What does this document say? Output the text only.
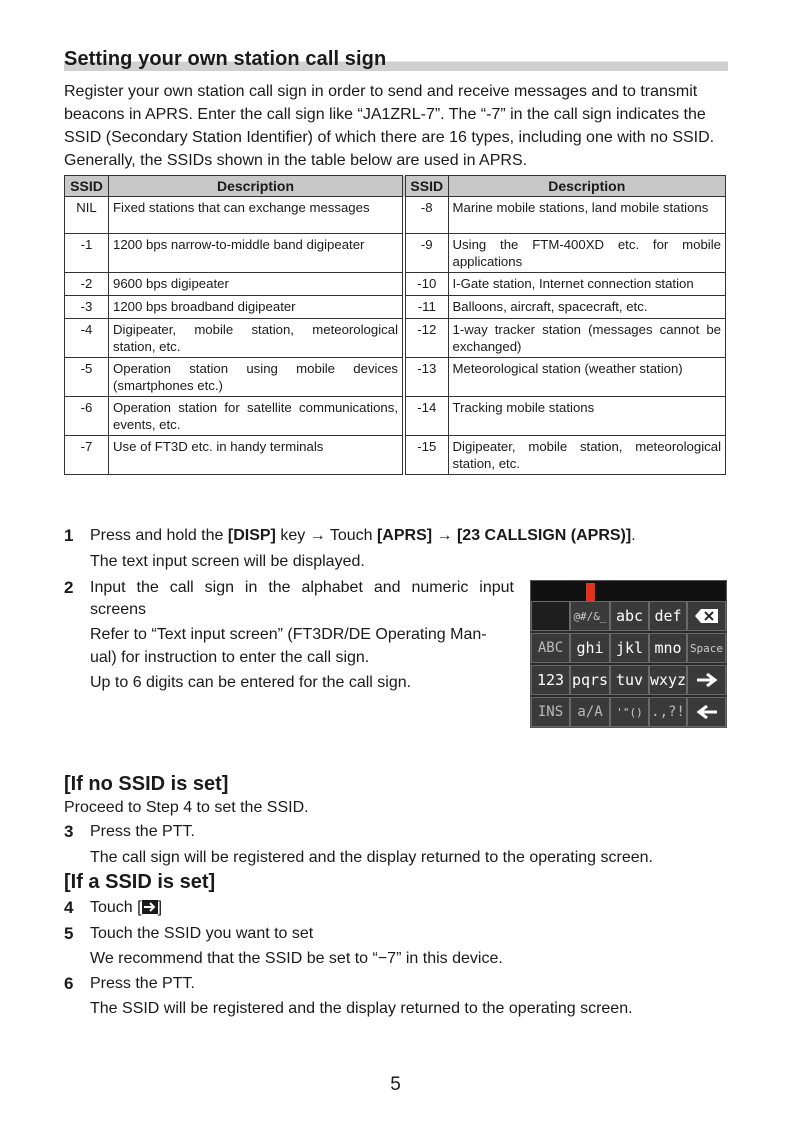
Setting your own station call sign
Register your own station call sign in order to send and receive messages and to transmit beacons in APRS. Enter the call sign like “JA1ZRL-7”. The “-7” in the call sign indicates the SSID (Secondary Station Identifier) of which there are 16 types, including one with no SSID. Generally, the SSIDs shown in the table below are used in APRS.
SSID	Description	SSID	Description
NIL	Fixed stations that can exchange messages	-8	Marine mobile stations, land mobile stations
-1	1200 bps narrow-to-middle band digipeater	-9	Using the FTM-400XD etc. for mobile applications
-2	9600 bps digipeater	-10	I-Gate station, Internet connection station
-3	1200 bps broadband digipeater	-11	Balloons, aircraft, spacecraft, etc.
-4	Digipeater, mobile station, meteorological station, etc.	-12	1-way tracker station (messages cannot be exchanged)
-5	Operation station using mobile devices (smartphones etc.)	-13	Meteorological station (weather station)
-6	Operation station for satellite communications, events, etc.	-14	Tracking mobile stations
-7	Use of FT3D etc. in handy terminals	-15	Digipeater, mobile station, meteorological station, etc.
1	Press and hold the [DISP] key → Touch [APRS] → [23 CALLSIGN (APRS)].
The text input screen will be displayed.
2	Input the call sign in the alphabet and numeric input
screens
Refer to “Text input screen” (FT3DR/DE Operating Man-
ual) for instruction to enter the call sign.
Up to 6 digits can be entered for the call sign.
@#/&_ abc def
ABC ghi jkl mno Space
123 pqrs tuv wxyz
INS	a/A	'"() .,?!
[If no SSID is set]
Proceed to Step 4 to set the SSID.
3	Press the PTT.
The call sign will be registered and the display returned to the operating screen.
[If a SSID is set]
4	Touch [ ]
5	Touch the SSID you want to set
We recommend that the SSID be set to “−7” in this device.
6	Press the PTT.
The SSID will be registered and the display returned to the operating screen.
5
